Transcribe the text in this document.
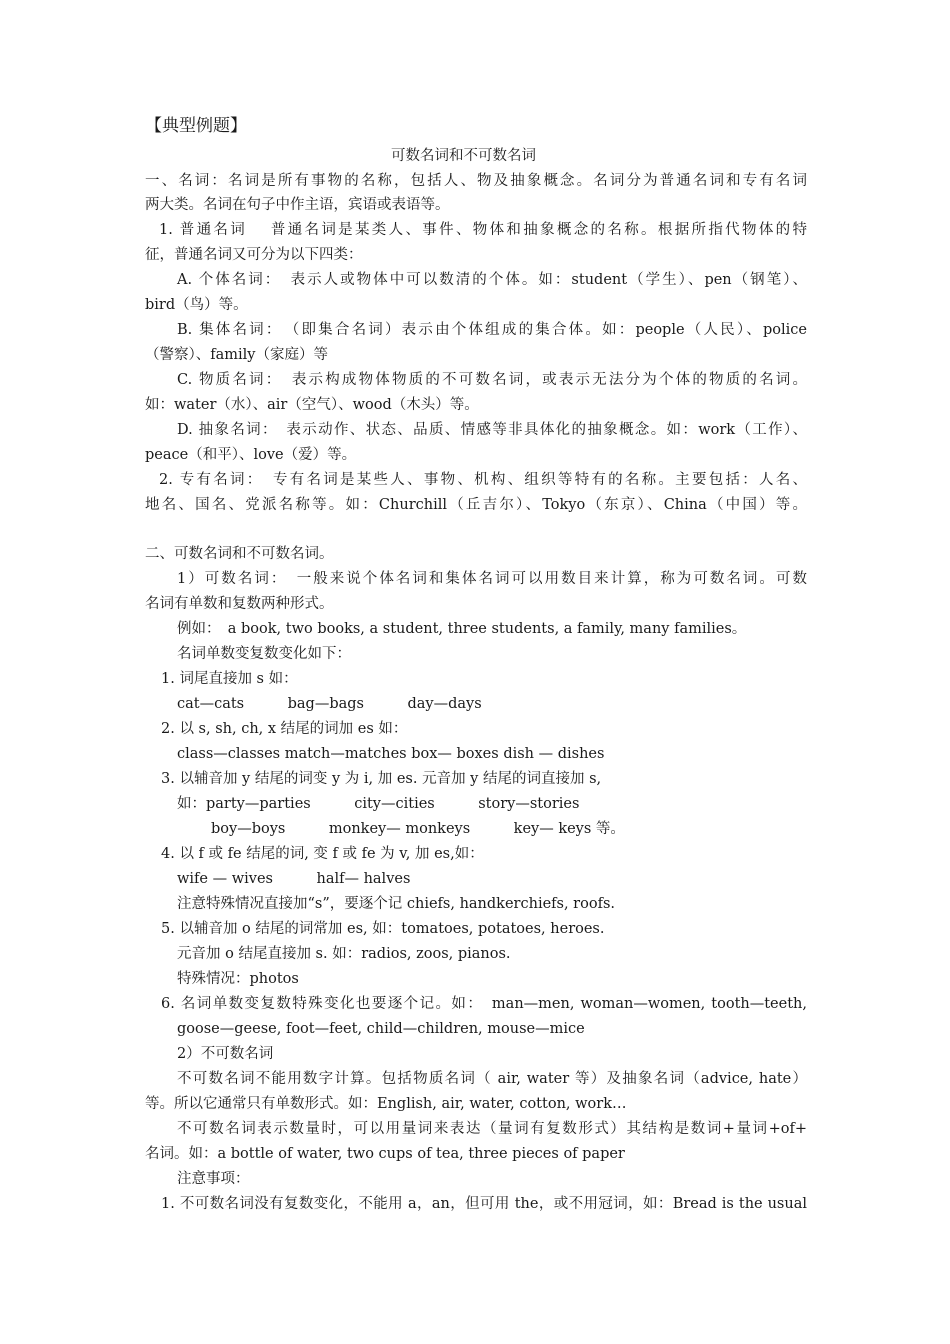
【典型例题】
可数名词和不可数名词
一、名词：名词是所有事物的名称，包括人、物及抽象概念。名词分为普通名词和专有名词
两大类。名词在句子中作主语，宾语或表语等。
1. 普通名词　 普通名词是某类人、事件、物体和抽象概念的名称。根据所指代物体的特
征，普通名词又可分为以下四类：
A. 个体名词：　表示人或物体中可以数清的个体。如：student（学生）、pen（钢笔）、
bird（鸟）等。
B. 集体名词：　（即集合名词）表示由个体组成的集合体。如：people（人民）、police
（警察）、family（家庭）等
C. 物质名词：　表示构成物体物质的不可数名词，或表示无法分为个体的物质的名词。
如：water（水）、air（空气）、wood（木头）等。
D. 抽象名词：　表示动作、状态、品质、情感等非具体化的抽象概念。如：work（工作）、
peace（和平）、love（爱）等。
2. 专有名词：　专有名词是某些人、事物、机构、组织等特有的名称。主要包括：人名、
地名、国名、党派名称等。如：Churchill（丘吉尔）、Tokyo（东京）、China（中国）等。
二、可数名词和不可数名词。
1）可数名词：　一般来说个体名词和集体名词可以用数目来计算，称为可数名词。可数
名词有单数和复数两种形式。
例如：　a book, two books, a student, three students, a family, many families。
名词单数变复数变化如下：
1. 词尾直接加 s 如：
cat—cats　　　bag—bags　　　day—days
2. 以 s, sh, ch, x 结尾的词加 es 如：
class—classes match—matches box— boxes dish — dishes
3. 以辅音加 y 结尾的词变 y 为 i, 加 es. 元音加 y 结尾的词直接加 s,
如：party—parties　　　city—cities　　　story—stories
boy—boys　　　monkey— monkeys　　　key— keys 等。
4. 以 f 或 fe 结尾的词, 变 f 或 fe 为 v, 加 es,如：
wife — wives　　　half— halves
注意特殊情况直接加“s”，要逐个记 chiefs, handkerchiefs, roofs.
5. 以辅音加 o 结尾的词常加 es, 如：tomatoes, potatoes, heroes.
元音加 o 结尾直接加 s. 如：radios, zoos, pianos.
特殊情况：photos
6. 名词单数变复数特殊变化也要逐个记。如：　man—men, woman—women, tooth—teeth,
goose—geese, foot—feet, child—children, mouse—mice
2）不可数名词
不可数名词不能用数字计算。包括物质名词（ air, water 等）及抽象名词（advice, hate）
等。所以它通常只有单数形式。如：English, air, water, cotton, work…
不可数名词表示数量时，可以用量词来表达（量词有复数形式）其结构是数词+量词+of+
名词。如：a bottle of water, two cups of tea, three pieces of paper
注意事项：
1. 不可数名词没有复数变化，不能用 a，an，但可用 the，或不用冠词，如：Bread is the usual
